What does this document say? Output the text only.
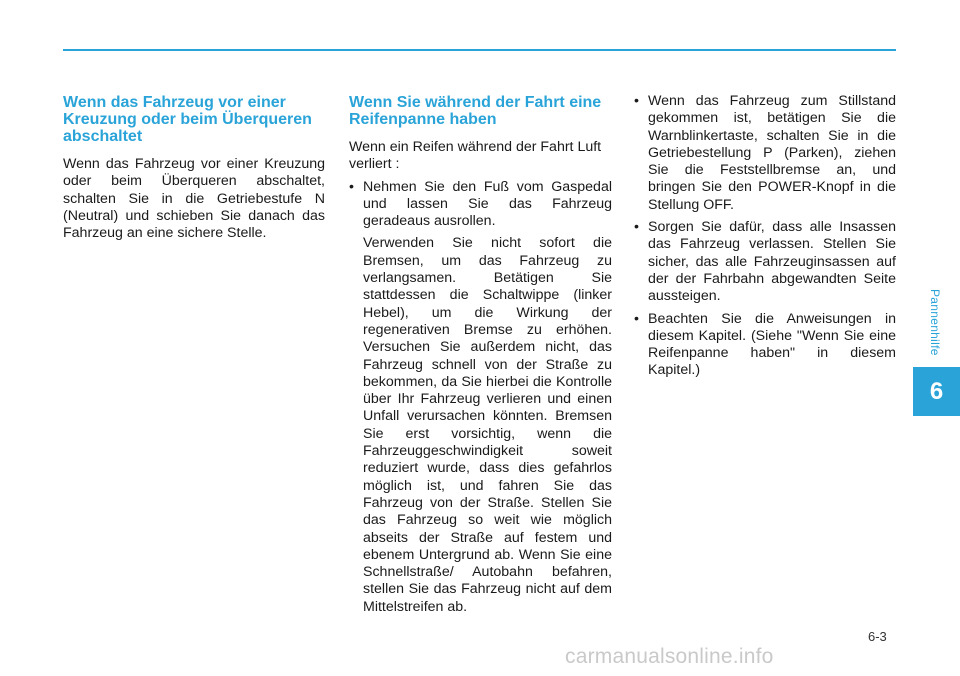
Pannenhilfe
6
Wenn das Fahrzeug vor einer Kreuzung oder beim Überqueren abschaltet

Wenn das Fahrzeug vor einer Kreuzung oder beim Überqueren abschaltet, schalten Sie in die Getriebestufe N (Neutral) und schieben Sie danach das Fahrzeug an eine sichere Stelle.

Wenn Sie während der Fahrt eine Reifenpanne haben

Wenn ein Reifen während der Fahrt Luft verliert :

• Nehmen Sie den Fuß vom Gaspedal und lassen Sie das Fahrzeug geradeaus ausrollen.

Verwenden Sie nicht sofort die Bremsen, um das Fahrzeug zu verlangsamen. Betätigen Sie stattdessen die Schaltwippe (linker Hebel), um die Wirkung der regenerativen Bremse zu erhöhen. Versuchen Sie außerdem nicht, das Fahrzeug schnell von der Straße zu bekommen, da Sie hierbei die Kontrolle über Ihr Fahrzeug verlieren und einen Unfall verursachen könnten. Bremsen Sie erst vorsichtig, wenn die Fahrzeuggeschwindigkeit soweit reduziert wurde, dass dies gefahrlos möglich ist, und fahren Sie das Fahrzeug von der Straße. Stellen Sie das Fahrzeug so weit wie möglich abseits der Straße auf festem und ebenem Untergrund ab. Wenn Sie eine Schnellstraße/ Autobahn befahren, stellen Sie das Fahrzeug nicht auf dem Mittelstreifen ab.

• Wenn das Fahrzeug zum Stillstand gekommen ist, betätigen Sie die Warnblinkertaste, schalten Sie in die Getriebestellung P (Parken), ziehen Sie die Feststellbremse an, und bringen Sie den POWER-Knopf in die Stellung OFF.
• Sorgen Sie dafür, dass alle Insassen das Fahrzeug verlassen. Stellen Sie sicher, das alle Fahrzeuginsassen auf der der Fahrbahn abgewandten Seite aussteigen.
• Beachten Sie die Anweisungen in diesem Kapitel. (Siehe "Wenn Sie eine Reifenpanne haben" in diesem Kapitel.)
6-3
carmanualsonline.info
